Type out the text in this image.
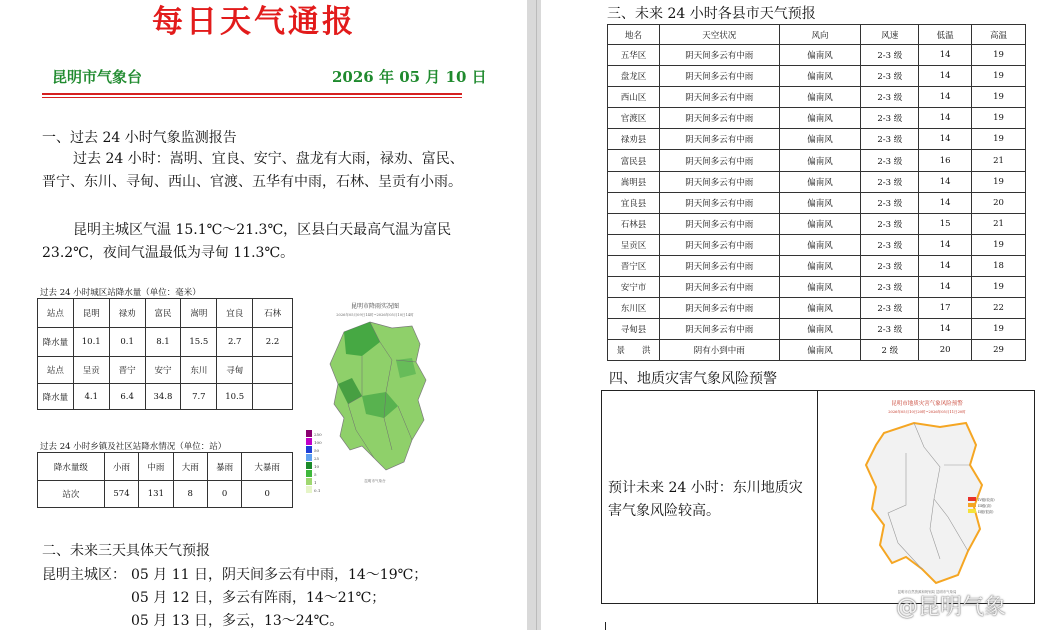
每日天气通报
昆明市气象台	2026 年 05 月 10 日
一、过去 24 小时气象监测报告
过去 24 小时：嵩明、宜良、安宁、盘龙有大雨，禄劝、富民、晋宁、东川、寻甸、西山、官渡、五华有中雨，石林、呈贡有小雨。
昆明主城区气温 15.1℃～21.3℃，区县白天最高气温为富民23.2℃，夜间气温最低为寻甸 11.3℃。
过去 24 小时城区站降水量（单位：毫米）
站点	昆明	禄劝	富民	嵩明	宜良	石林
降水量	10.1	0.1	8.1	15.5	2.7	2.2
站点	呈贡	晋宁	安宁	东川	寻甸	
降水量	4.1	6.4	34.8	7.7	10.5	
过去 24 小时乡镇及社区站降水情况（单位：站）
降水量级	小雨	中雨	大雨	暴雨	大暴雨
站次	574	131	8	0	0
昆明市降雨实况图
2026年05月09日14时~2026年05月10日14时
昆明市气象台
250
100
50
25
10
5
1
0.1
二、未来三天具体天气预报
昆明主城区： 05 月 11 日，阴天间多云有中雨，14～19℃；
05 月 12 日，多云有阵雨，14～21℃；
05 月 13 日，多云，13～24℃。
三、未来 24 小时各县市天气预报
地名	天空状况	风向	风速	低温	高温
五华区	阴天间多云有中雨	偏南风	2-3 级	14	19
盘龙区	阴天间多云有中雨	偏南风	2-3 级	14	19
西山区	阴天间多云有中雨	偏南风	2-3 级	14	19
官渡区	阴天间多云有中雨	偏南风	2-3 级	14	19
禄劝县	阴天间多云有中雨	偏南风	2-3 级	14	19
富民县	阴天间多云有中雨	偏南风	2-3 级	16	21
嵩明县	阴天间多云有中雨	偏南风	2-3 级	14	19
宜良县	阴天间多云有中雨	偏南风	2-3 级	14	20
石林县	阴天间多云有中雨	偏南风	2-3 级	15	21
呈贡区	阴天间多云有中雨	偏南风	2-3 级	14	19
晋宁区	阴天间多云有中雨	偏南风	2-3 级	14	18
安宁市	阴天间多云有中雨	偏南风	2-3 级	14	19
东川区	阴天间多云有中雨	偏南风	2-3 级	17	22
寻甸县	阴天间多云有中雨	偏南风	2-3 级	14	19
景　　洪	阴有小到中雨	偏南风	2 级	20	29
四、地质灾害气象风险预警
预计未来 24 小时：东川地质灾害气象风险较高。
昆明市地质灾害气象风险预警
2026年05月10日20时~2026年05月11日20时
IV级(较高)
III级(高)
II级(很高)
昆明市自然资源和规划局 昆明市气象局
@昆明气象
